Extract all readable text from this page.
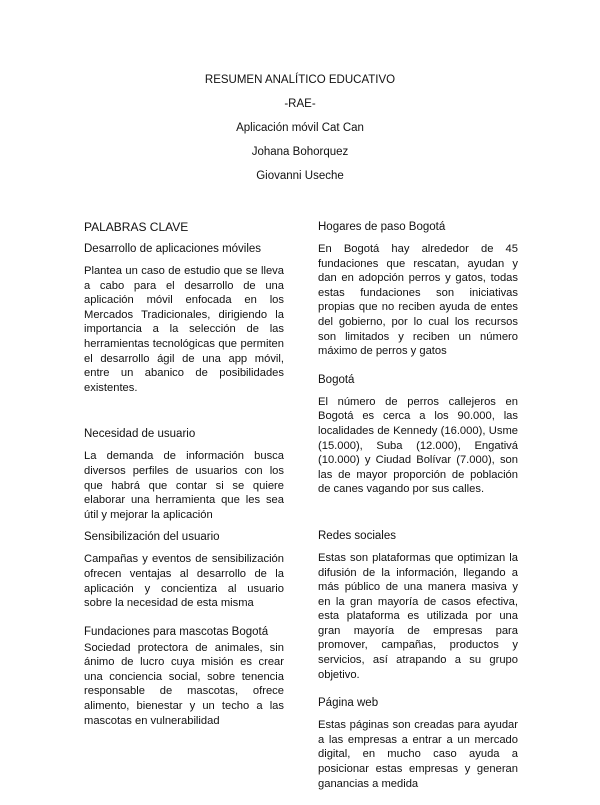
RESUMEN ANALÍTICO EDUCATIVO
-RAE-
Aplicación móvil Cat Can
Johana Bohorquez
Giovanni Useche
PALABRAS CLAVE
Desarrollo de aplicaciones móviles
Plantea un caso de estudio que se lleva a cabo para el desarrollo de una aplicación móvil enfocada en los Mercados Tradicionales, dirigiendo la importancia a la selección de las herramientas tecnológicas que permiten el desarrollo ágil de una app móvil, entre un abanico de posibilidades existentes.
Necesidad de usuario
La demanda de información busca diversos perfiles de usuarios con los que habrá que contar si se quiere elaborar una herramienta que les sea útil y mejorar la aplicación
Sensibilización del usuario
Campañas y eventos de sensibilización ofrecen ventajas al desarrollo de la aplicación y concientiza al usuario sobre la necesidad de esta misma
Fundaciones para mascotas Bogotá
Sociedad protectora de animales, sin ánimo de lucro cuya misión es crear una conciencia social, sobre tenencia responsable de mascotas, ofrece alimento, bienestar y un techo a las mascotas en vulnerabilidad
Hogares de paso Bogotá
En Bogotá hay alrededor de 45 fundaciones que rescatan, ayudan y dan en adopción perros y gatos, todas estas fundaciones son iniciativas propias que no reciben ayuda de entes del gobierno, por lo cual los recursos son limitados y reciben un número máximo de perros y gatos
Bogotá
El número de perros callejeros en Bogotá es cerca a los 90.000, las localidades de Kennedy (16.000), Usme (15.000), Suba (12.000), Engativá (10.000) y Ciudad Bolívar (7.000), son las de mayor proporción de población de canes vagando por sus calles.
Redes sociales
Estas son plataformas que optimizan la difusión de la información, llegando a más público de una manera masiva y en la gran mayoría de casos efectiva, esta plataforma es utilizada por una gran mayoría de empresas para promover, campañas, productos y servicios, así atrapando a su grupo objetivo.
Página web
Estas páginas son creadas para ayudar a las empresas a entrar a un mercado digital, en mucho caso ayuda a posicionar estas empresas y generan ganancias a medida
